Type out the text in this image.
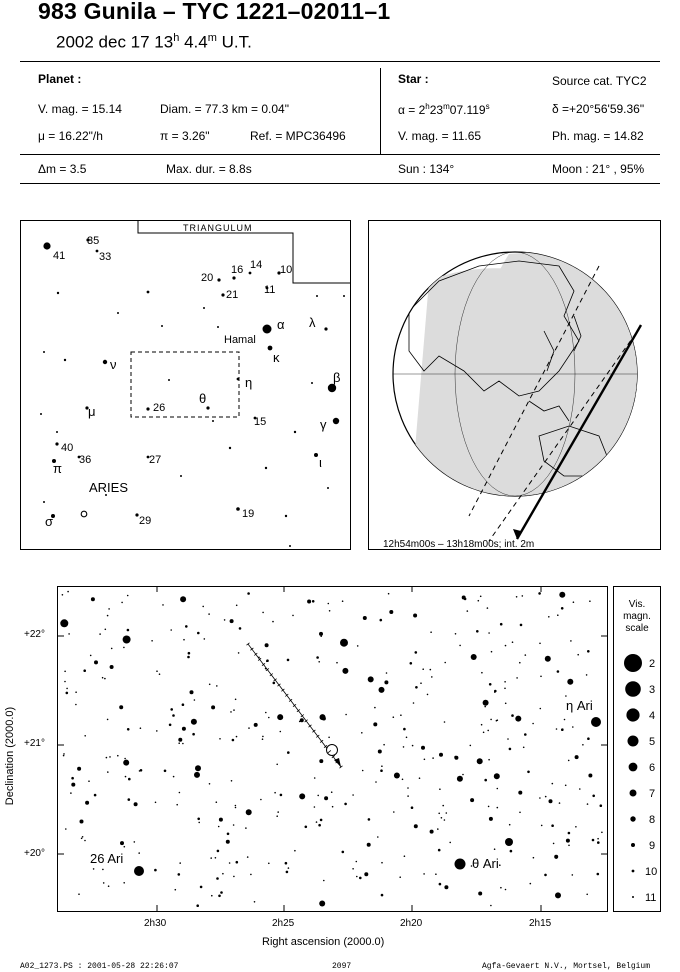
983 Gunila – TYC 1221–02011–1
2002 dec 17 13$^h$ 4.4$^m$ U.T.
Planet :
V. mag. = 15.14	Diam. = 77.3 km = 0.04"
μ = 16.22"/h	π = 3.26"	Ref. = MPC36496
Δm = 3.5	Max. dur. = 8.8s
Star :	Source cat. TYC2
$\alpha = 2^h23^m07.119^s$	δ =+20°56'59.36"
V. mag. = 11.65	Ph. mag. = 14.82
Sun : 134°	Moon : 21° , 95%
TRIANGULUM
41
35
33
20
16 14 10
21 11
α λ
κ
η	β
26
θ
15	γ
ν
μ
40
36	27
π	ι
σ	ο	29
19
Hamal
ARIES
12h54m00s – 13h18m00s; int. 2m
Declination (2000.0)
+22°
+21°
+20°
η Ari
26 Ari	θ Ari
2h30	2h25	2h20	2h15
Right ascension (2000.0)
Vis.
magn.
scale
2
3
4
5
6
7
8
9
10
11
A02_1273.PS : 2001-05-28 22:26:07	2097	Agfa-Gevaert N.V., Mortsel, Belgium
